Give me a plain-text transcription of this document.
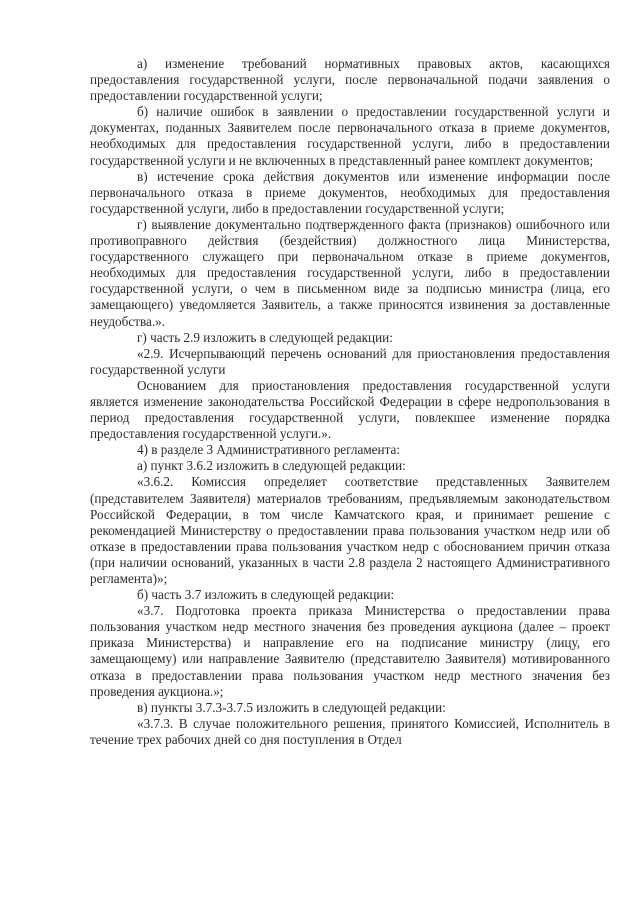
а) изменение требований нормативных правовых актов, касающихся предоставления государственной услуги, после первоначальной подачи заявления о предоставлении государственной услуги;

б) наличие ошибок в заявлении о предоставлении государственной услуги и документах, поданных Заявителем после первоначального отказа в приеме документов, необходимых для предоставления государственной услуги, либо в предоставлении государственной услуги и не включенных в представленный ранее комплект документов;

в) истечение срока действия документов или изменение информации после первоначального отказа в приеме документов, необходимых для предоставления государственной услуги, либо в предоставлении государственной услуги;

г) выявление документально подтвержденного факта (признаков) ошибочного или противоправного действия (бездействия) должностного лица Министерства, государственного служащего при первоначальном отказе в приеме документов, необходимых для предоставления государственной услуги, либо в предоставлении государственной услуги, о чем в письменном виде за подписью министра (лица, его замещающего) уведомляется Заявитель, а также приносятся извинения за доставленные неудобства.».

г) часть 2.9 изложить в следующей редакции:

«2.9. Исчерпывающий перечень оснований для приостановления предоставления государственной услуги

Основанием для приостановления предоставления государственной услуги является изменение законодательства Российской Федерации в сфере недропользования в период предоставления государственной услуги, повлекшее изменение порядка предоставления государственной услуги.».

4) в разделе 3 Административного регламента:

а) пункт 3.6.2 изложить в следующей редакции:

«3.6.2. Комиссия определяет соответствие представленных Заявителем (представителем Заявителя) материалов требованиям, предъявляемым законодательством Российской Федерации, в том числе Камчатского края, и принимает решение с рекомендацией Министерству о предоставлении права пользования участком недр или об отказе в предоставлении права пользования участком недр с обоснованием причин отказа (при наличии оснований, указанных в части 2.8 раздела 2 настоящего Административного регламента)»;

б) часть 3.7 изложить в следующей редакции:

«3.7. Подготовка проекта приказа Министерства о предоставлении права пользования участком недр местного значения без проведения аукциона (далее – проект приказа Министерства) и направление его на подписание министру (лицу, его замещающему) или направление Заявителю (представителю Заявителя) мотивированного отказа в предоставлении права пользования участком недр местного значения без проведения аукциона.»;

в) пункты 3.7.3-3.7.5 изложить в следующей редакции:

«3.7.3. В случае положительного решения, принятого Комиссией, Исполнитель в течение трех рабочих дней со дня поступления в Отдел
